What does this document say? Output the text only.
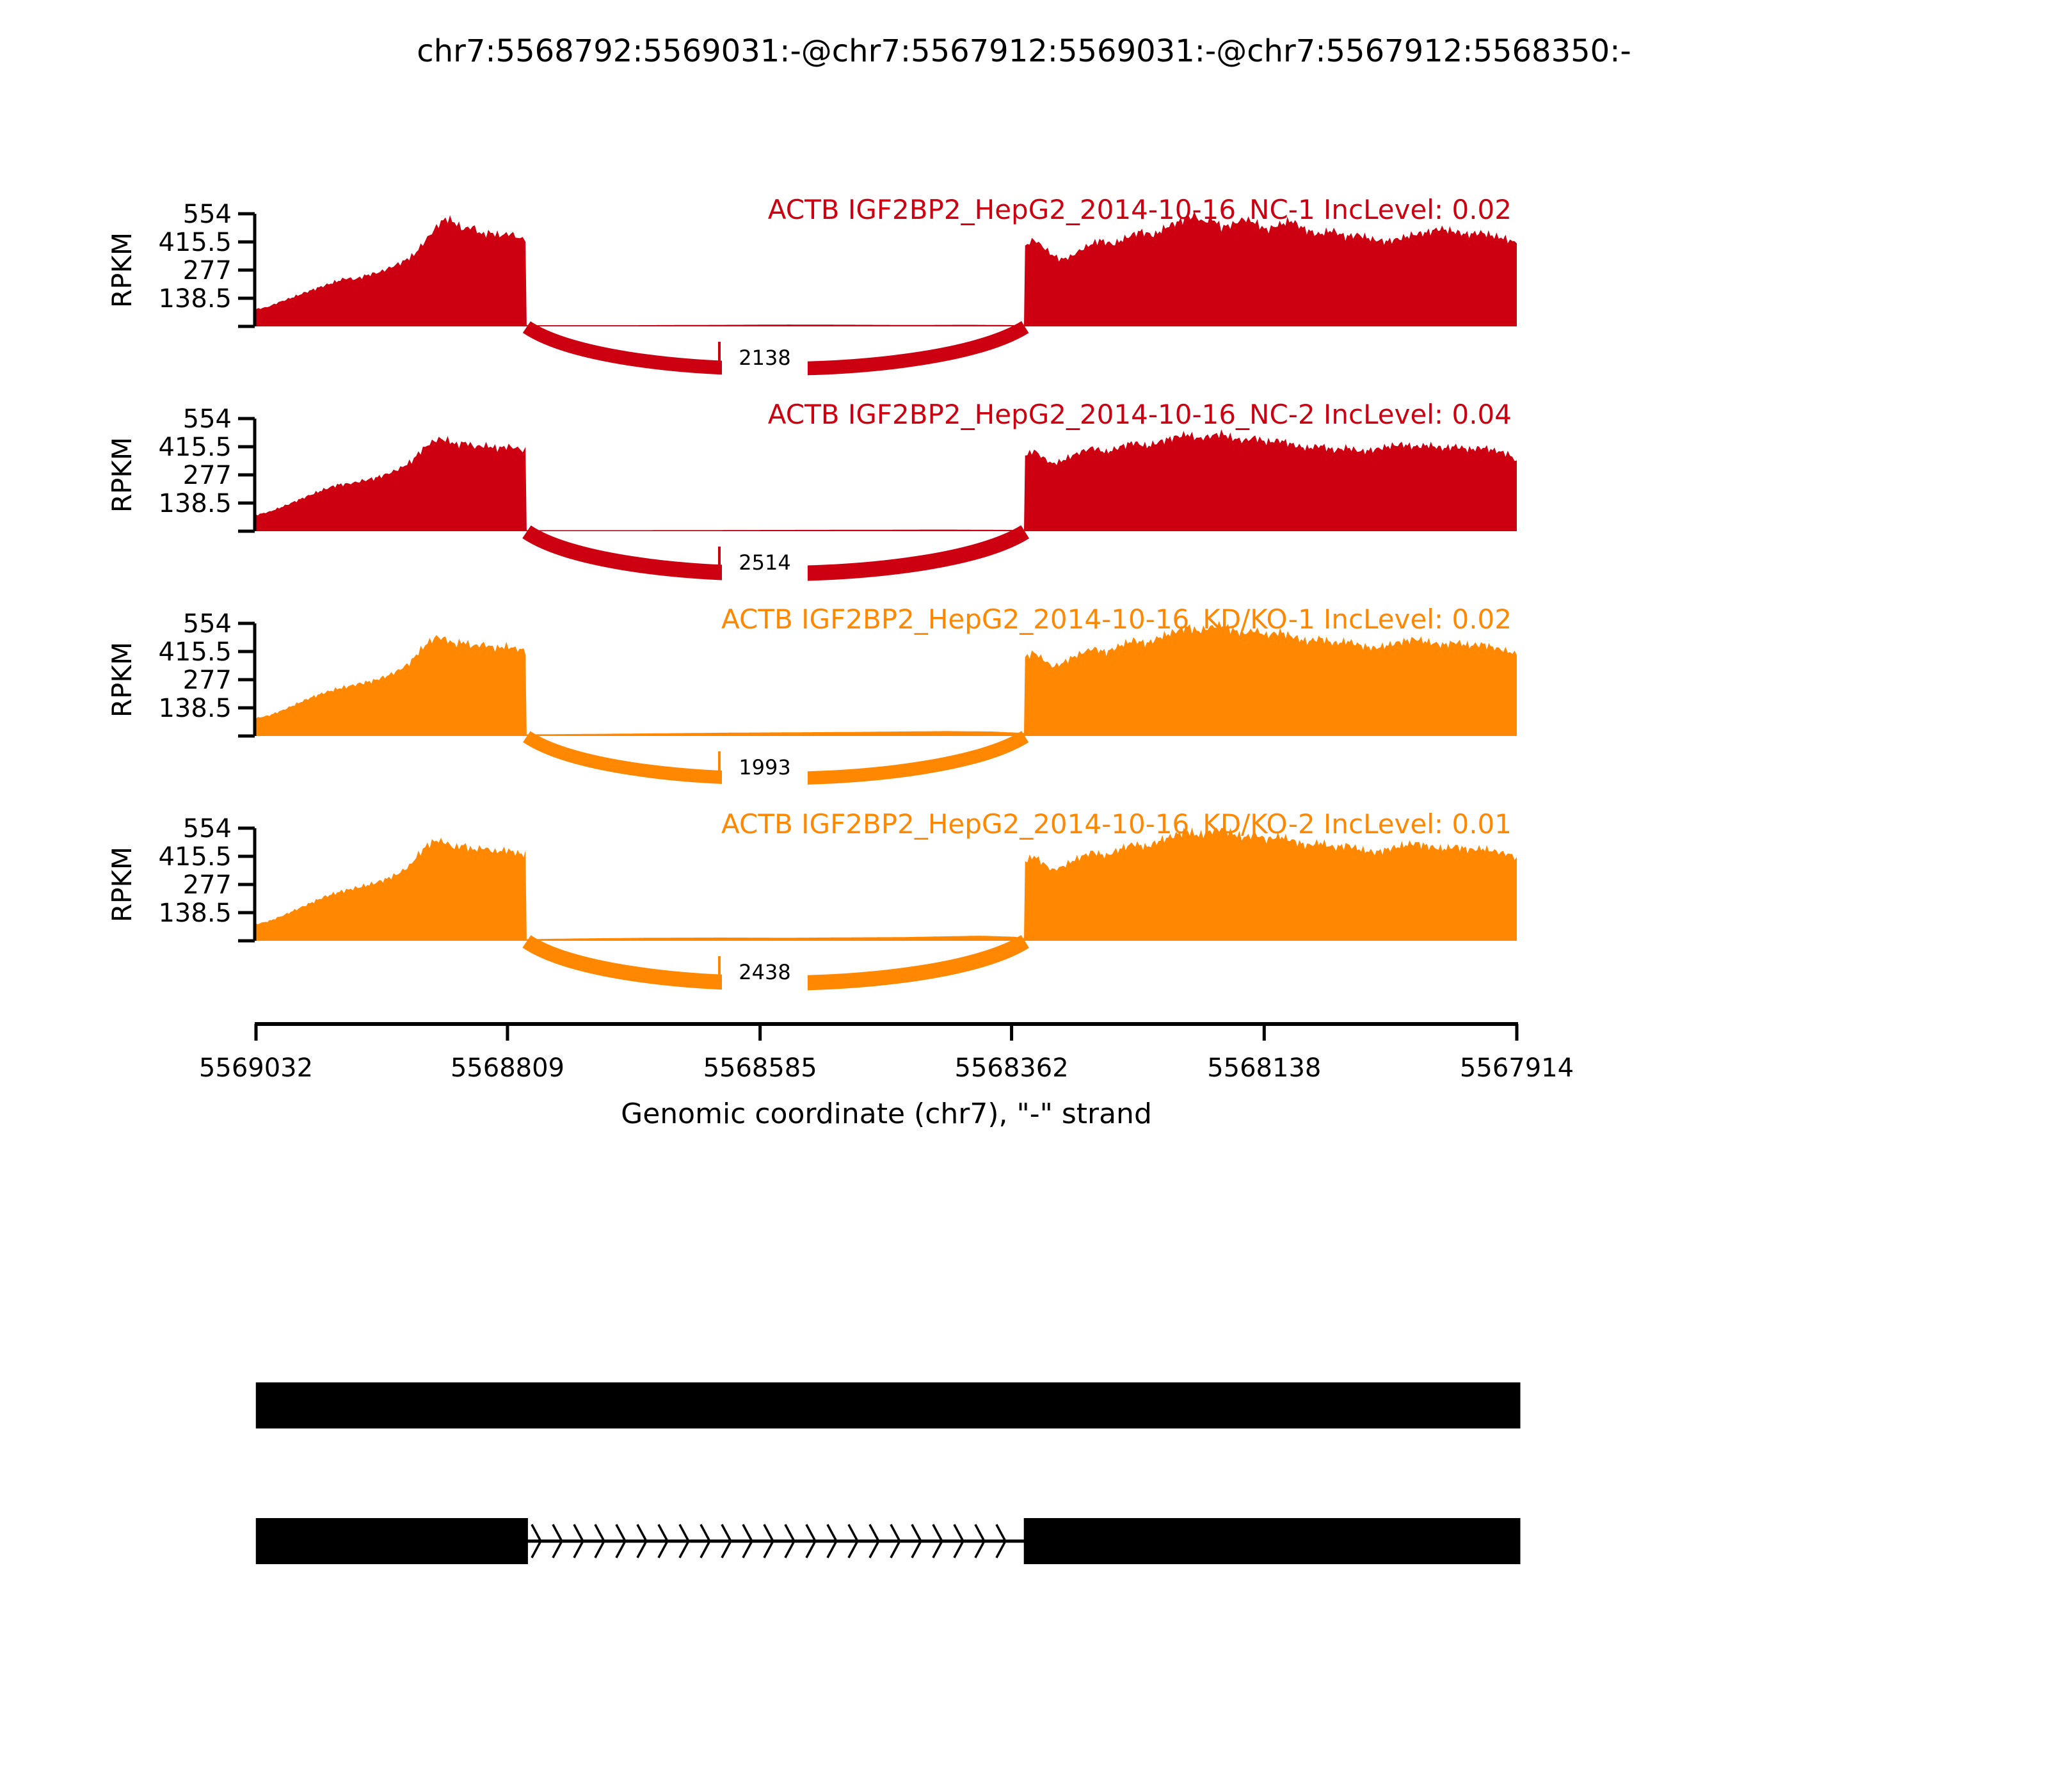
chr7:5568792:5569031:-@chr7:5567912:5569031:-@chr7:5567912:5568350:-
2138
554
415.5
277
138.5
RPKM
ACTB IGF2BP2_HepG2_2014-10-16_NC-1 IncLevel: 0.02
2514
554
415.5
277
138.5
RPKM
ACTB IGF2BP2_HepG2_2014-10-16_NC-2 IncLevel: 0.04
1993
554
415.5
277
138.5
RPKM
ACTB IGF2BP2_HepG2_2014-10-16_KD/KO-1 IncLevel: 0.02
2438
554
415.5
277
138.5
RPKM
ACTB IGF2BP2_HepG2_2014-10-16_KD/KO-2 IncLevel: 0.01
5569032	5568809	5568585	5568362	5568138	5567914
Genomic coordinate (chr7), "-" strand
